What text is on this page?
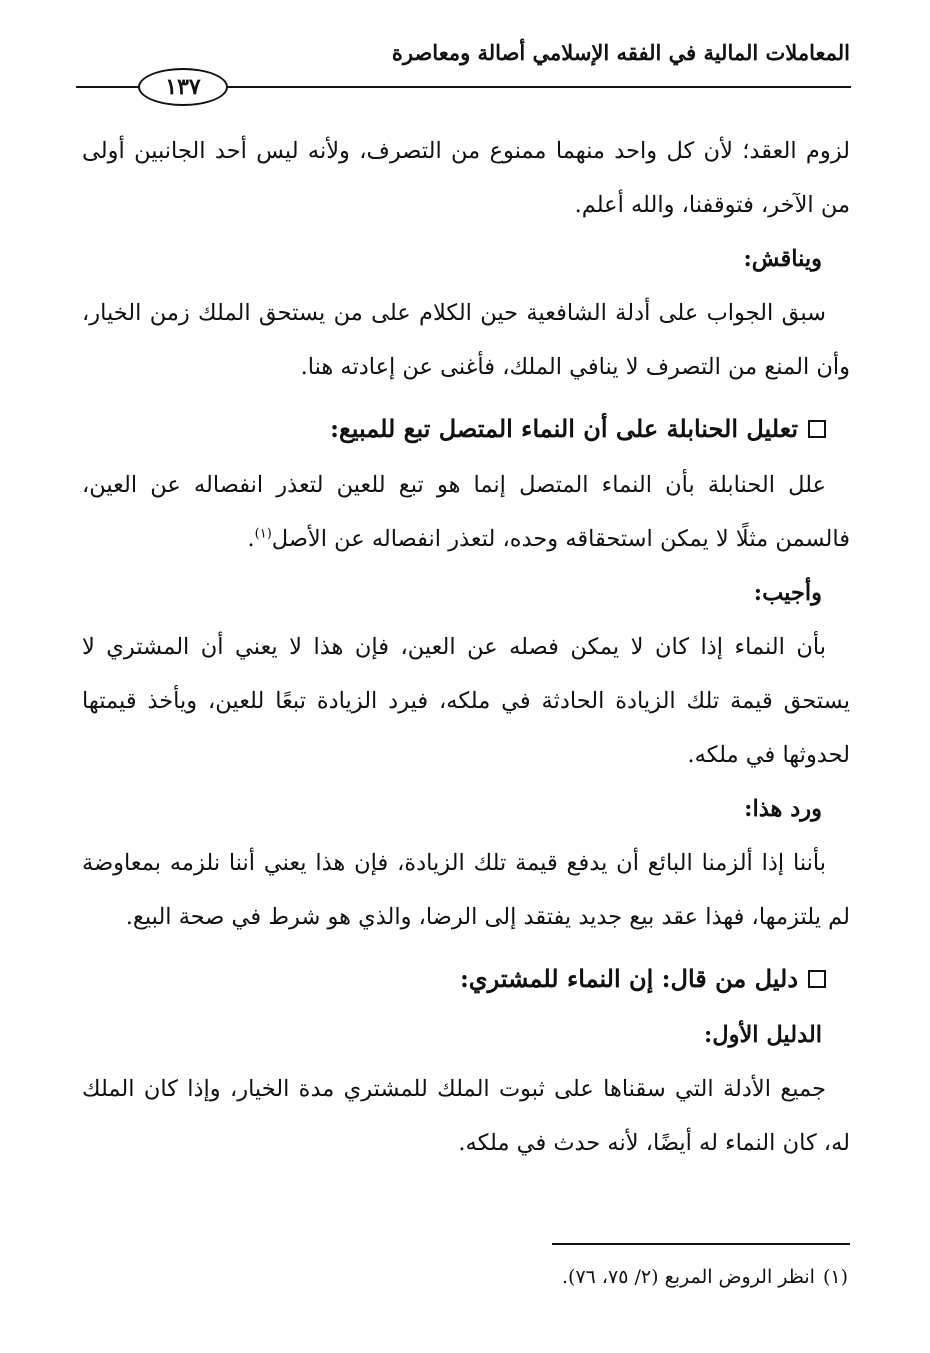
المعاملات المالية في الفقه الإسلامي أصالة ومعاصرة
١٣٧

لزوم العقد؛ لأن كل واحد منهما ممنوع من التصرف، ولأنه ليس أحد الجانبين أولى من الآخر، فتوقفنا، والله أعلم.

ويناقش:

سبق الجواب على أدلة الشافعية حين الكلام على من يستحق الملك زمن الخيار، وأن المنع من التصرف لا ينافي الملك، فأغنى عن إعادته هنا.

تعليل الحنابلة على أن النماء المتصل تبع للمبيع:

علل الحنابلة بأن النماء المتصل إنما هو تبع للعين لتعذر انفصاله عن العين، فالسمن مثلًا لا يمكن استحقاقه وحده، لتعذر انفصاله عن الأصل$^{(١)}$.

وأجيب:

بأن النماء إذا كان لا يمكن فصله عن العين، فإن هذا لا يعني أن المشتري لا يستحق قيمة تلك الزيادة الحادثة في ملكه، فيرد الزيادة تبعًا للعين، ويأخذ قيمتها لحدوثها في ملكه.

ورد هذا:

بأننا إذا ألزمنا البائع أن يدفع قيمة تلك الزيادة، فإن هذا يعني أننا نلزمه بمعاوضة لم يلتزمها، فهذا عقد بيع جديد يفتقد إلى الرضا، والذي هو شرط في صحة البيع.

دليل من قال: إن النماء للمشتري:

الدليل الأول:

جميع الأدلة التي سقناها على ثبوت الملك للمشتري مدة الخيار، وإذا كان الملك له، كان النماء له أيضًا، لأنه حدث في ملكه.

(١)انظر الروض المربع (٢/ ٧٥، ٧٦).
